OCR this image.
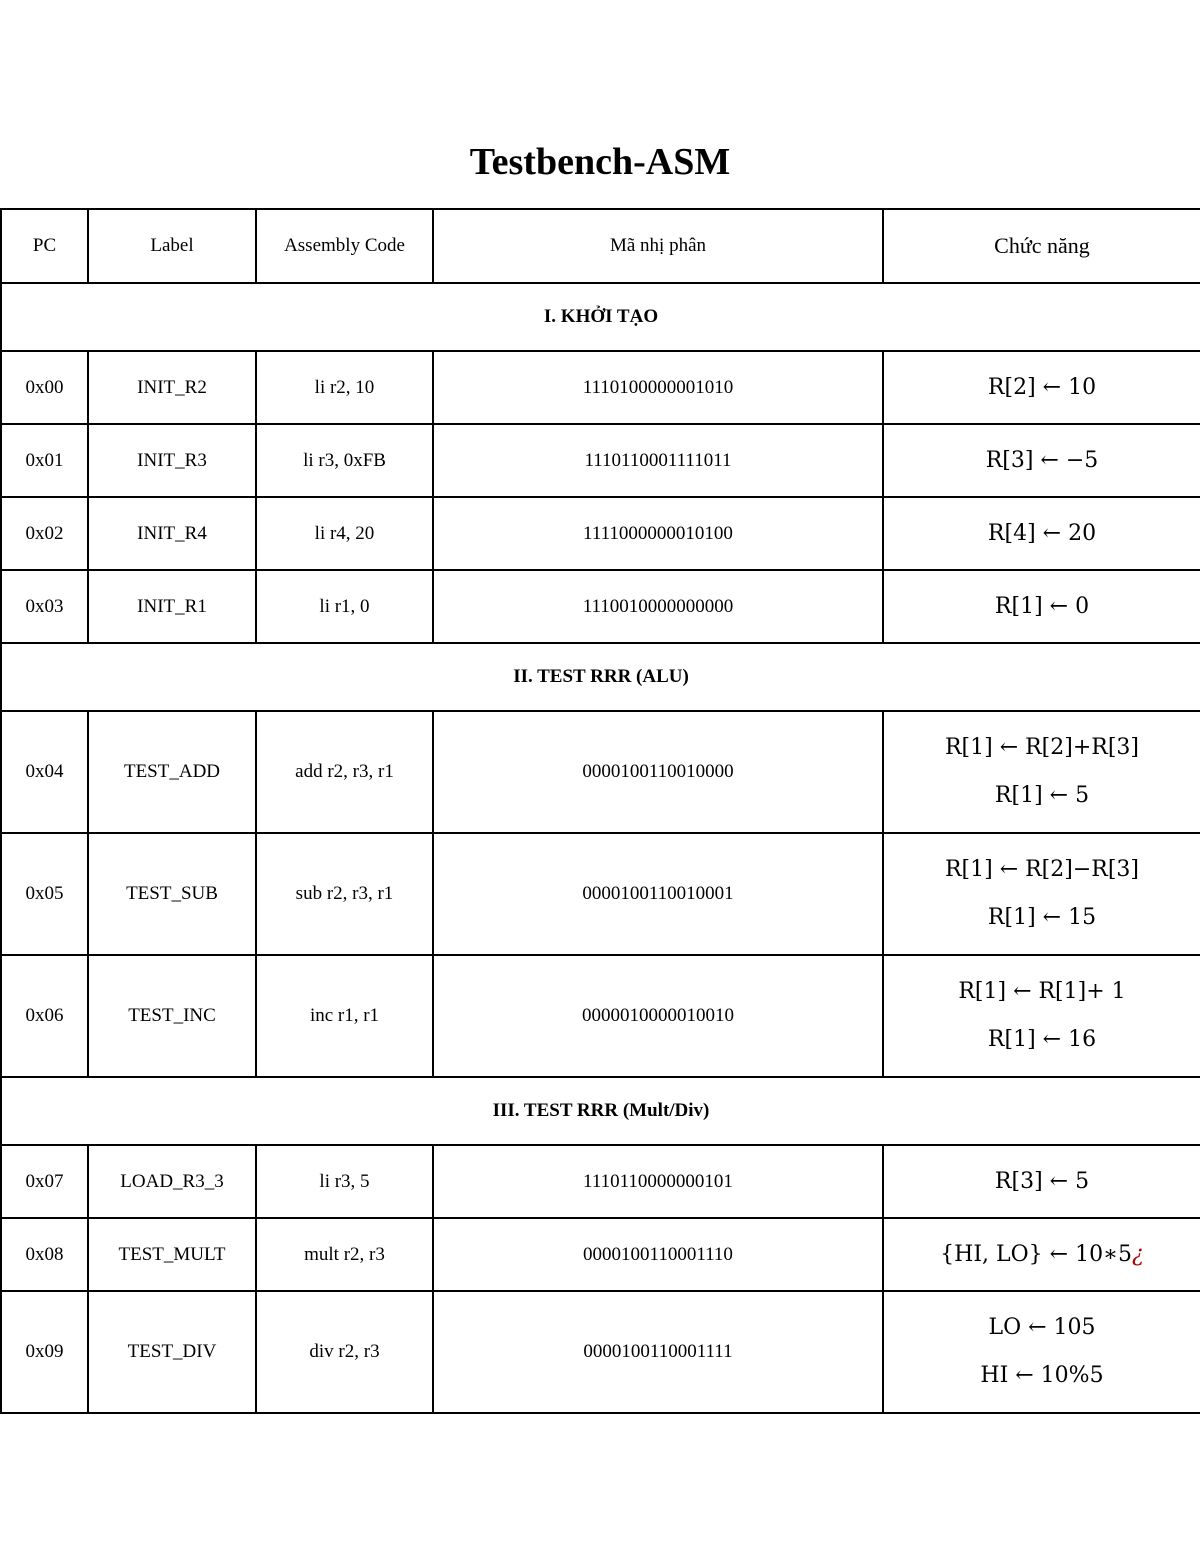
Testbench-ASM
PC	Label	Assembly Code	Mã nhị phân	Chức năng
I. KHỞI TẠO				
0x00	INIT_R2	li r2, 10	1110100000001010	R[2] ← 10

0x01	INIT_R3	li r3, 0xFB	1110110001111011	R[3] ← −5

0x02	INIT_R4	li r4, 20	1111000000010100	R[4] ← 20

0x03	INIT_R1	li r1, 0	1110010000000000	R[1] ← 0

II. TEST RRR (ALU)				
0x04	TEST_ADD	add r2, r3, r1	0000100110010000	R[1] ← R[2]+R[3]
R[1] ← 5

0x05	TEST_SUB	sub r2, r3, r1	0000100110010001	R[1] ← R[2]−R[3]
R[1] ← 15

0x06	TEST_INC	inc r1, r1	0000010000010010	R[1] ← R[1]+ 1
R[1] ← 16

III. TEST RRR (Mult/Div)				
0x07	LOAD_R3_3	li r3, 5	1110110000000101	R[3] ← 5

0x08	TEST_MULT	mult r2, r3	0000100110001110	{HI, LO} ← 10∗5¿

0x09	TEST_DIV	div r2, r3	0000100110001111	LO ← 105
HI ← 10%5
